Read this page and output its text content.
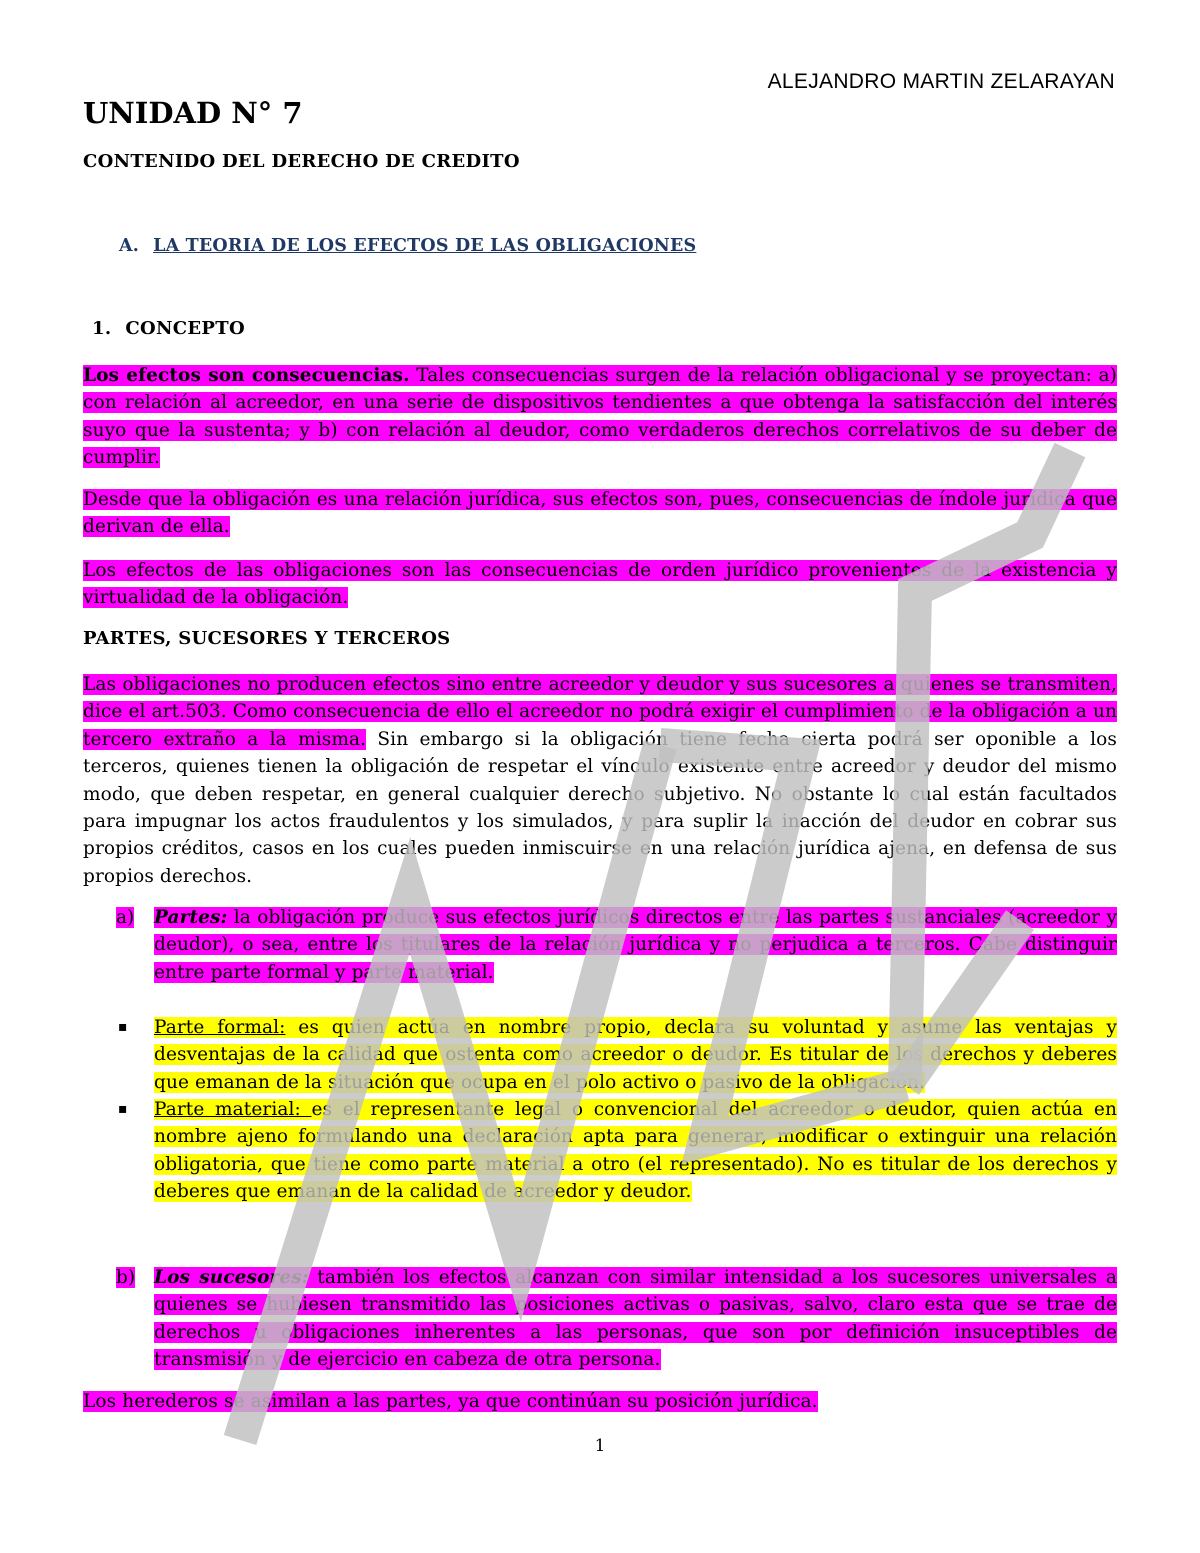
ALEJANDRO MARTIN ZELARAYAN
UNIDAD N° 7
CONTENIDO DEL DERECHO DE CREDITO
A. LA TEORIA DE LOS EFECTOS DE LAS OBLIGACIONES
1. CONCEPTO

Los efectos son consecuencias. Tales consecuencias surgen de la relación obligacional y se proyectan: a) con relación al acreedor, en una serie de dispositivos tendientes a que obtenga la satisfacción del interés suyo que la sustenta; y b) con relación al deudor, como verdaderos derechos correlativos de su deber de cumplir.

Desde que la obligación es una relación jurídica, sus efectos son, pues, consecuencias de índole jurídica que derivan de ella.

Los efectos de las obligaciones son las consecuencias de orden jurídico provenientes de la existencia y virtualidad de la obligación.

PARTES, SUCESORES Y TERCEROS

Las obligaciones no producen efectos sino entre acreedor y deudor y sus sucesores a quienes se transmiten, dice el art.503. Como consecuencia de ello el acreedor no podrá exigir el cumplimiento de la obligación a un tercero extraño a la misma. Sin embargo si la obligación tiene fecha cierta podrá ser oponible a los terceros, quienes tienen la obligación de respetar el vínculo existente entre acreedor y deudor del mismo modo, que deben respetar, en general cualquier derecho subjetivo. No obstante lo cual están facultados para impugnar los actos fraudulentos y los simulados, y para suplir la inacción del deudor en cobrar sus propios créditos, casos en los cuales pueden inmiscuirse en una relación jurídica ajena, en defensa de sus propios derechos.

a) Partes: la obligación produce sus efectos jurídicos directos entre las partes sustanciales (acreedor y deudor), o sea, entre los titulares de la relación jurídica y no perjudica a terceros. Cabe distinguir entre parte formal y parte material.

▪ Parte formal: es quien actúa en nombre propio, declara su voluntad y asume las ventajas y desventajas de la calidad que ostenta como acreedor o deudor. Es titular de los derechos y deberes que emanan de la situación que ocupa en el polo activo o pasivo de la obligación.

▪ Parte material: es el representante legal o convencional del acreedor o deudor, quien actúa en nombre ajeno formulando una declaración apta para generar, modificar o extinguir una relación obligatoria, que tiene como parte material a otro (el representado). No es titular de los derechos y deberes que emanan de la calidad de acreedor y deudor.

b) Los sucesores: también los efectos alcanzan con similar intensidad a los sucesores universales a quienes se hubiesen transmitido las posiciones activas o pasivas, salvo, claro esta que se trae de derechos u obligaciones inherentes a las personas, que son por definición insuceptibles de transmisión y de ejercicio en cabeza de otra persona.

Los herederos se asimilan a las partes, ya que continúan su posición jurídica.

1
